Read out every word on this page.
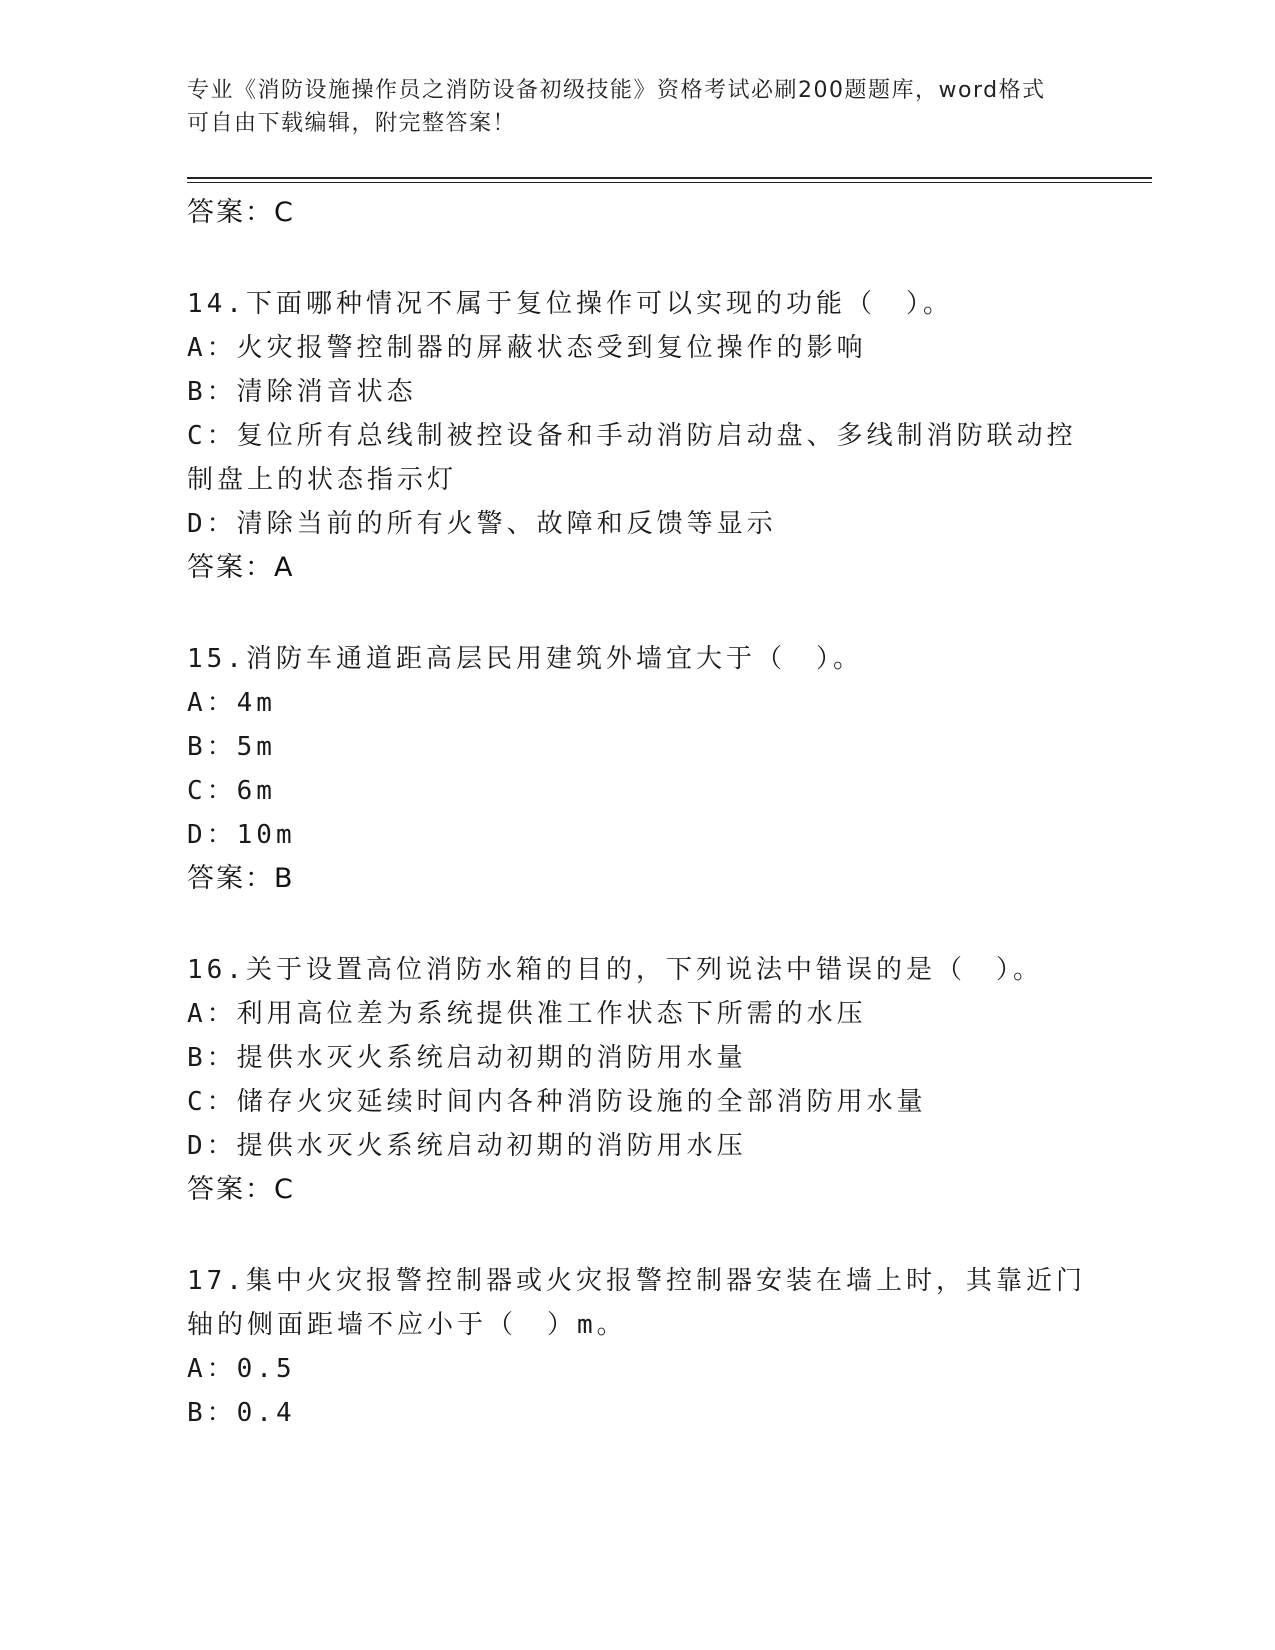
专业《消防设施操作员之消防设备初级技能》资格考试必刷200题题库，word格式可自由下载编辑，附完整答案！
答案：C
14.下面哪种情况不属于复位操作可以实现的功能（　）。
A：火灾报警控制器的屏蔽状态受到复位操作的影响
B：清除消音状态
C：复位所有总线制被控设备和手动消防启动盘、多线制消防联动控制盘上的状态指示灯
D：清除当前的所有火警、故障和反馈等显示
答案：A
15.消防车通道距高层民用建筑外墙宜大于（　）。
A：4m
B：5m
C：6m
D：10m
答案：B
16.关于设置高位消防水箱的目的，下列说法中错误的是（　）。
A：利用高位差为系统提供准工作状态下所需的水压
B：提供水灭火系统启动初期的消防用水量
C：储存火灾延续时间内各种消防设施的全部消防用水量
D：提供水灭火系统启动初期的消防用水压
答案：C
17.集中火灾报警控制器或火灾报警控制器安装在墙上时，其靠近门轴的侧面距墙不应小于（　）m。
A：0.5
B：0.4
